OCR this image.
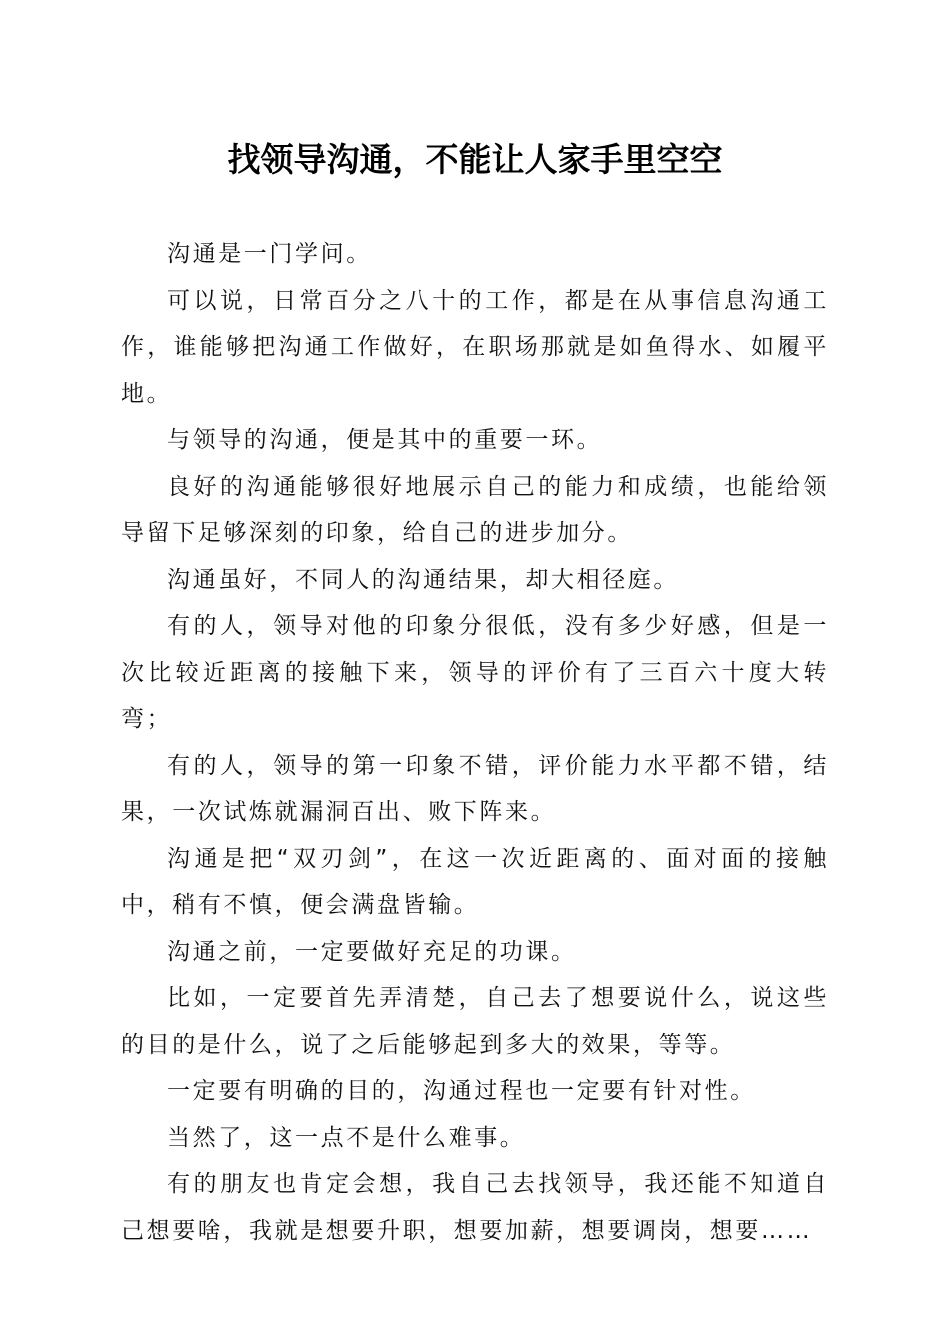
找领导沟通，不能让人家手里空空

沟通是一门学问。

可以说，日常百分之八十的工作，都是在从事信息沟通工作，谁能够把沟通工作做好，在职场那就是如鱼得水、如履平地。

与领导的沟通，便是其中的重要一环。

良好的沟通能够很好地展示自己的能力和成绩，也能给领导留下足够深刻的印象，给自己的进步加分。

沟通虽好，不同人的沟通结果，却大相径庭。

有的人，领导对他的印象分很低，没有多少好感，但是一次比较近距离的接触下来，领导的评价有了三百六十度大转弯；

有的人，领导的第一印象不错，评价能力水平都不错，结果，一次试炼就漏洞百出、败下阵来。

沟通是把“双刃剑”，在这一次近距离的、面对面的接触中，稍有不慎，便会满盘皆输。

沟通之前，一定要做好充足的功课。

比如，一定要首先弄清楚，自己去了想要说什么，说这些的目的是什么，说了之后能够起到多大的效果，等等。

一定要有明确的目的，沟通过程也一定要有针对性。

当然了，这一点不是什么难事。

有的朋友也肯定会想，我自己去找领导，我还能不知道自己想要啥，我就是想要升职，想要加薪，想要调岗，想要……
